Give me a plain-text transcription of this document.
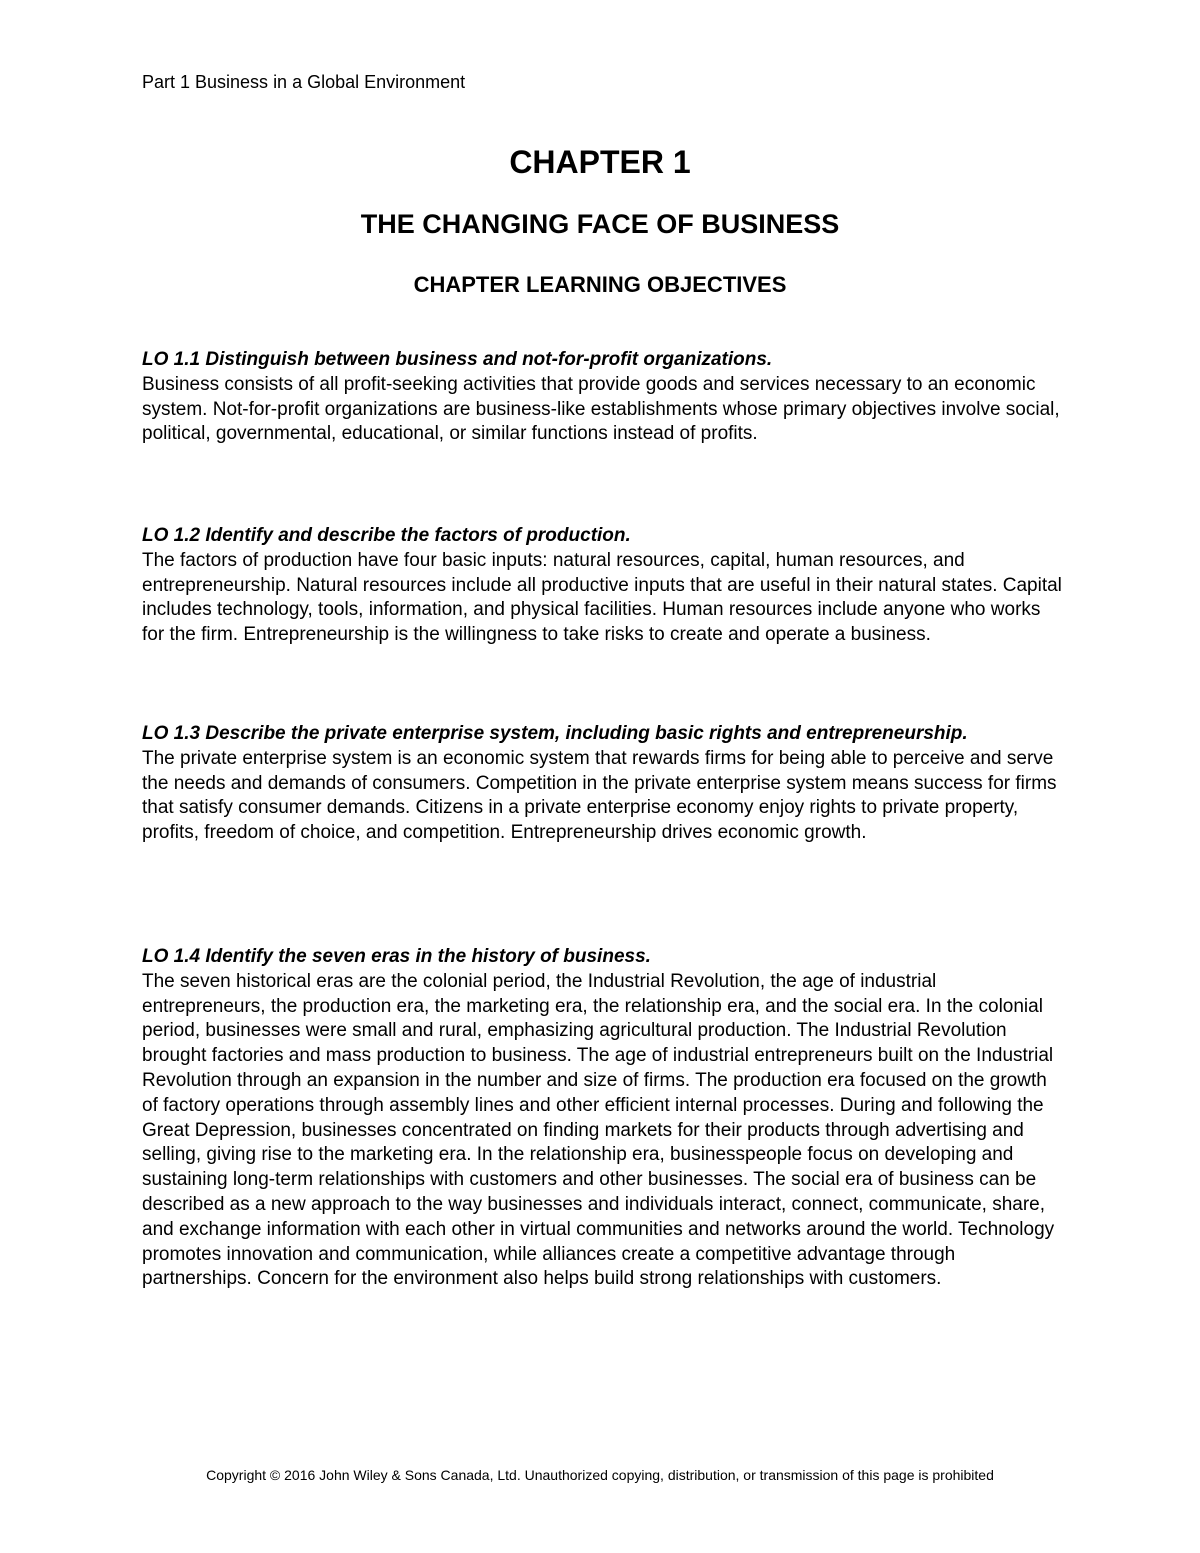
Part 1 Business in a Global Environment
CHAPTER 1
THE CHANGING FACE OF BUSINESS
CHAPTER LEARNING OBJECTIVES

LO 1.1 Distinguish between business and not-for-profit organizations.

Business consists of all profit-seeking activities that provide goods and services necessary to an economic system. Not-for-profit organizations are business-like establishments whose primary objectives involve social, political, governmental, educational, or similar functions instead of profits.

LO 1.2 Identify and describe the factors of production.

The factors of production have four basic inputs: natural resources, capital, human resources, and entrepreneurship. Natural resources include all productive inputs that are useful in their natural states. Capital includes technology, tools, information, and physical facilities. Human resources include anyone who works for the firm. Entrepreneurship is the willingness to take risks to create and operate a business.

LO 1.3 Describe the private enterprise system, including basic rights and entrepreneurship.

The private enterprise system is an economic system that rewards firms for being able to perceive and serve the needs and demands of consumers. Competition in the private enterprise system means success for firms that satisfy consumer demands. Citizens in a private enterprise economy enjoy rights to private property, profits, freedom of choice, and competition. Entrepreneurship drives economic growth.

LO 1.4 Identify the seven eras in the history of business.

The seven historical eras are the colonial period, the Industrial Revolution, the age of industrial entrepreneurs, the production era, the marketing era, the relationship era, and the social era. In the colonial period, businesses were small and rural, emphasizing agricultural production. The Industrial Revolution brought factories and mass production to business. The age of industrial entrepreneurs built on the Industrial Revolution through an expansion in the number and size of firms. The production era focused on the growth of factory operations through assembly lines and other efficient internal processes. During and following the Great Depression, businesses concentrated on finding markets for their products through advertising and selling, giving rise to the marketing era. In the relationship era, businesspeople focus on developing and sustaining long-term relationships with customers and other businesses. The social era of business can be described as a new approach to the way businesses and individuals interact, connect, communicate, share, and exchange information with each other in virtual communities and networks around the world. Technology promotes innovation and communication, while alliances create a competitive advantage through partnerships. Concern for the environment also helps build strong relationships with customers.

Copyright © 2016 John Wiley & Sons Canada, Ltd. Unauthorized copying, distribution, or transmission of this page is prohibited
